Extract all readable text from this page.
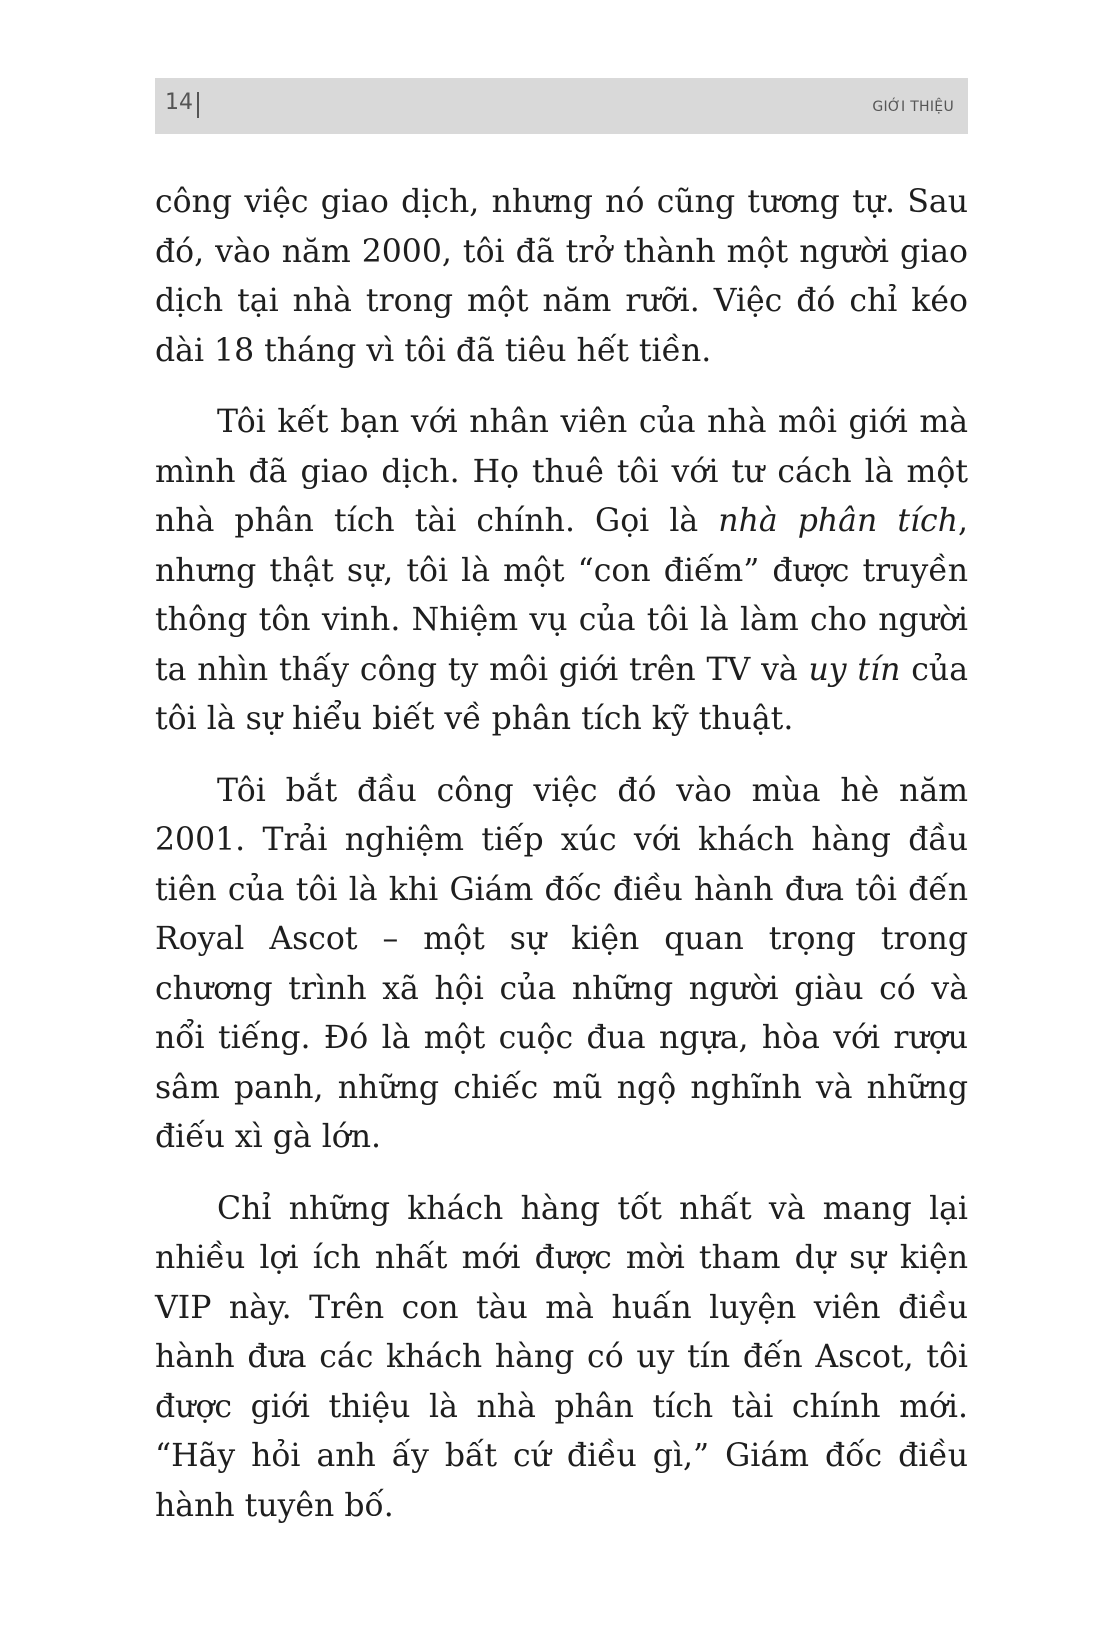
14	GIỚI THIỆU

công việc giao dịch, nhưng nó cũng tương tự. Sau đó, vào năm 2000, tôi đã trở thành một người giao dịch tại nhà trong một năm rưỡi. Việc đó chỉ kéo dài 18 tháng vì tôi đã tiêu hết tiền.

Tôi kết bạn với nhân viên của nhà môi giới mà mình đã giao dịch. Họ thuê tôi với tư cách là một nhà phân tích tài chính. Gọi là nhà phân tích, nhưng thật sự, tôi là một “con điếm” được truyền thông tôn vinh. Nhiệm vụ của tôi là làm cho người ta nhìn thấy công ty môi giới trên TV và uy tín của tôi là sự hiểu biết về phân tích kỹ thuật.

Tôi bắt đầu công việc đó vào mùa hè năm 2001. Trải nghiệm tiếp xúc với khách hàng đầu tiên của tôi là khi Giám đốc điều hành đưa tôi đến Royal Ascot – một sự kiện quan trọng trong chương trình xã hội của những người giàu có và nổi tiếng. Đó là một cuộc đua ngựa, hòa với rượu sâm panh, những chiếc mũ ngộ nghĩnh và những điếu xì gà lớn.

Chỉ những khách hàng tốt nhất và mang lại nhiều lợi ích nhất mới được mời tham dự sự kiện VIP này. Trên con tàu mà huấn luyện viên điều hành đưa các khách hàng có uy tín đến Ascot, tôi được giới thiệu là nhà phân tích tài chính mới. “Hãy hỏi anh ấy bất cứ điều gì,” Giám đốc điều hành tuyên bố.
